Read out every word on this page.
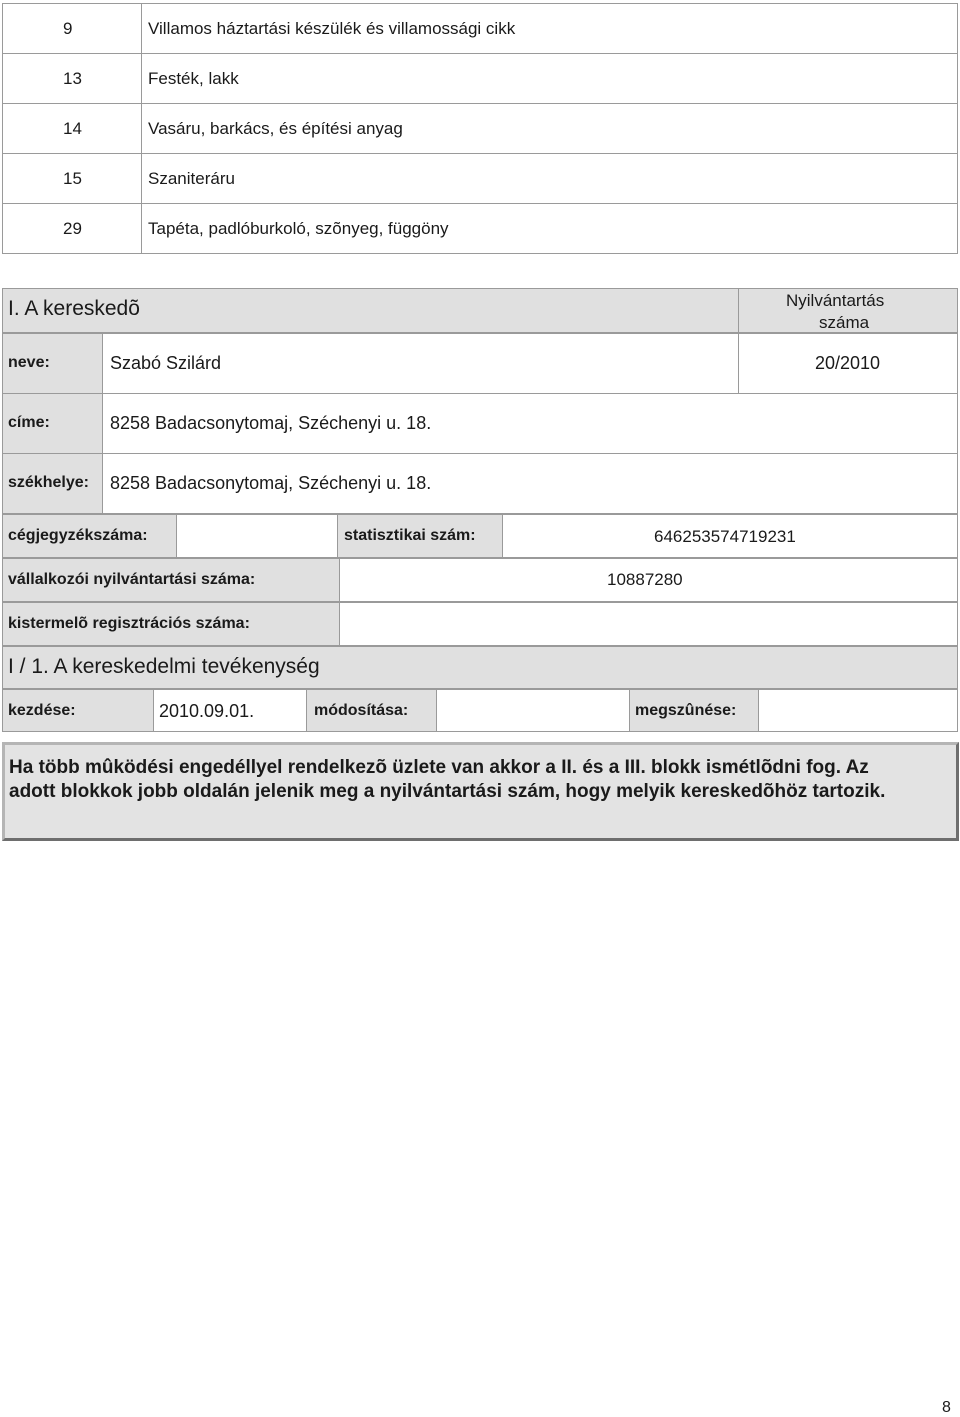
9	Villamos háztartási készülék és villamossági cikk
13	Festék, lakk
14	Vasáru, barkács, és építési anyag
15	Szaniteráru
29	Tapéta, padlóburkoló, szõnyeg, függöny
I. A kereskedõ	Nyilvántartás
száma
neve:	Szabó Szilárd	20/2010
címe:	8258 Badacsonytomaj, Széchenyi u. 18.
székhelye: 8258 Badacsonytomaj, Széchenyi u. 18.
cégjegyzékszáma:	statisztikai szám:	646253574719231
vállalkozói nyilvántartási száma:	10887280
kistermelõ regisztrációs száma:
I / 1. A kereskedelmi tevékenység
kezdése:	2010.09.01.	módosítása:	megszûnése:
Ha több mûködési engedéllyel rendelkezõ üzlete van akkor a II. és a III. blokk ismétlõdni fog. Az adott blokkok jobb oldalán jelenik meg a nyilvántartási szám, hogy melyik kereskedõhöz tartozik.
8
